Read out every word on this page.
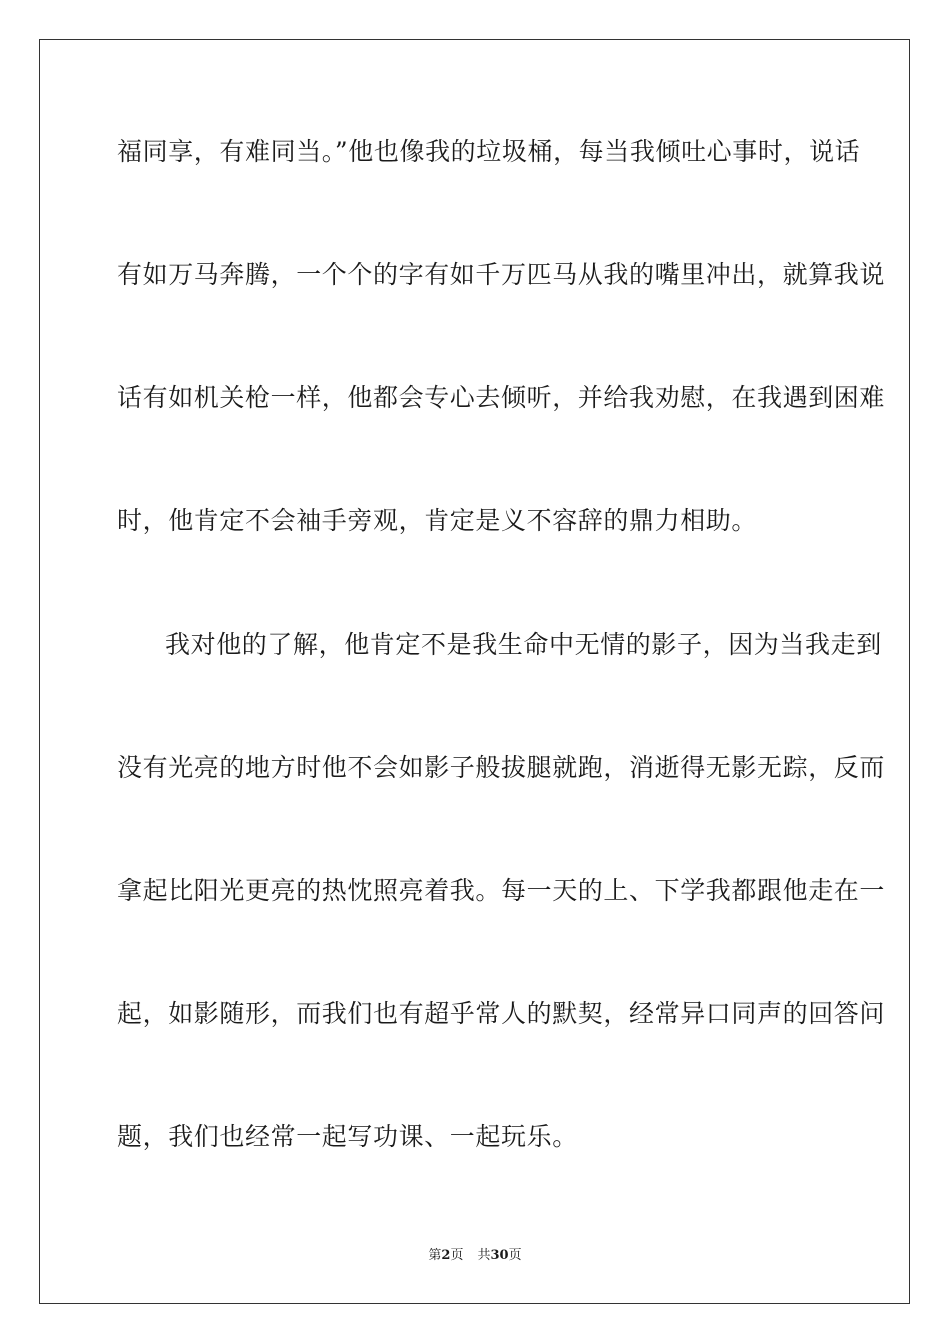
福同享，有难同当。”他也像我的垃圾桶，每当我倾吐心事时，说话
有如万马奔腾，一个个的字有如千万匹马从我的嘴里冲出，就算我说
话有如机关枪一样，他都会专心去倾听，并给我劝慰，在我遇到困难
时，他肯定不会袖手旁观，肯定是义不容辞的鼎力相助。
我对他的了解，他肯定不是我生命中无情的影子，因为当我走到
没有光亮的地方时他不会如影子般拔腿就跑，消逝得无影无踪，反而
拿起比阳光更亮的热忱照亮着我。每一天的上、下学我都跟他走在一
起，如影随形，而我们也有超乎常人的默契，经常异口同声的回答问
题，我们也经常一起写功课、一起玩乐。
第2页 共30页
